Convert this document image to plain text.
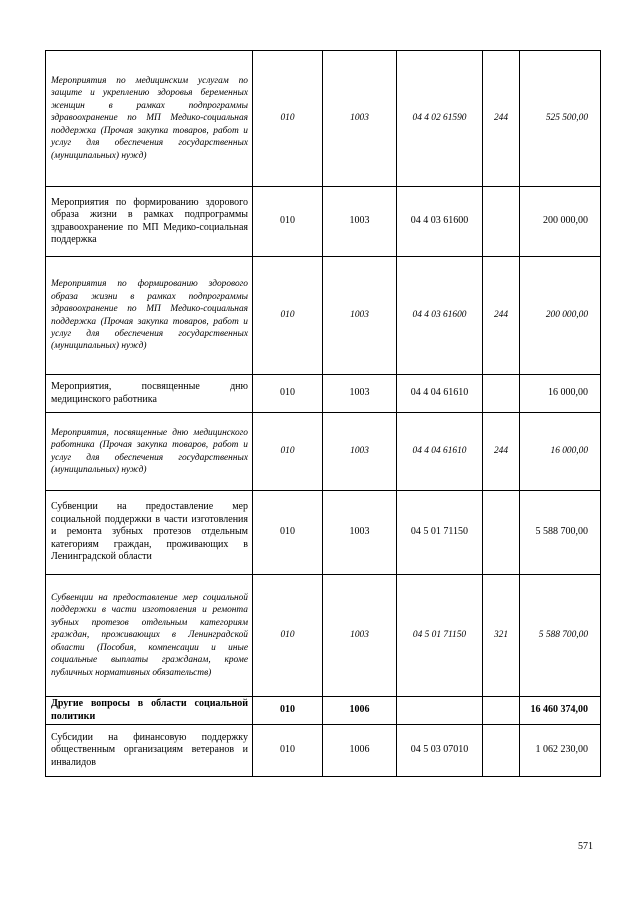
Мероприятия по медицинским услугам по защите и укреплению здоровья беременных женщин в рамках подпрограммы здравоохранение по МП Медико-социальная поддержка (Прочая закупка товаров, работ и услуг для обеспечения государственных (муниципальных) нужд)	010	1003	04 4 02 61590	244	525 500,00
Мероприятия по формированию здорового образа жизни в рамках подпрограммы здравоохранение по МП Медико-социальная поддержка	010	1003	04 4 03 61600		200 000,00
Мероприятия по формированию здорового образа жизни в рамках подпрограммы здравоохранение по МП Медико-социальная поддержка (Прочая закупка товаров, работ и услуг для обеспечения государственных (муниципальных) нужд)	010	1003	04 4 03 61600	244	200 000,00
Мероприятия, посвященные дню медицинского работника	010	1003	04 4 04 61610		16 000,00
Мероприятия, посвященные дню медицинского работника (Прочая закупка товаров, работ и услуг для обеспечения государственных (муниципальных) нужд)	010	1003	04 4 04 61610	244	16 000,00
Субвенции на предоставление мер социальной поддержки в части изготовления и ремонта зубных протезов отдельным категориям граждан, проживающих в Ленинградской области	010	1003	04 5 01 71150		5 588 700,00
Субвенции на предоставление мер социальной поддержки в части изготовления и ремонта зубных протезов отдельным категориям граждан, проживающих в Ленинградской области (Пособия, компенсации и иные социальные выплаты гражданам, кроме публичных нормативных обязательств)	010	1003	04 5 01 71150	321	5 588 700,00
Другие вопросы в области социальной политики	010	1006			16 460 374,00
Субсидии на финансовую поддержку общественным организациям ветеранов и инвалидов	010	1006	04 5 03 07010		1 062 230,00
571
